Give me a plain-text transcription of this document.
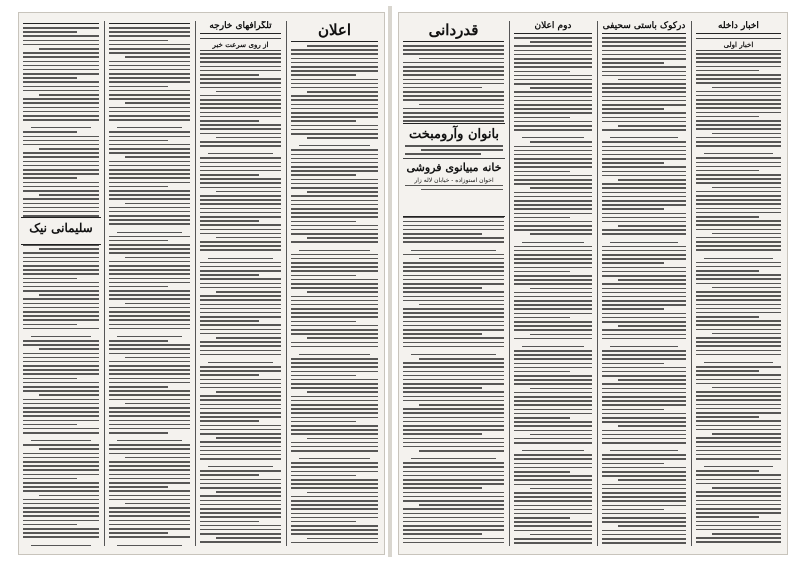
تلگرافهای خارجه
از روی سرعت خبر
اعلان
سلیمانی نیک
قدردانی	دوم اعلان	درکوک باستی سحیفی	اخبار داخله
اخبار اولی
بانوان وآرومبخت
خانه مبیانوی فروشی
اخوان استوزاده - خیابان لاله زار
